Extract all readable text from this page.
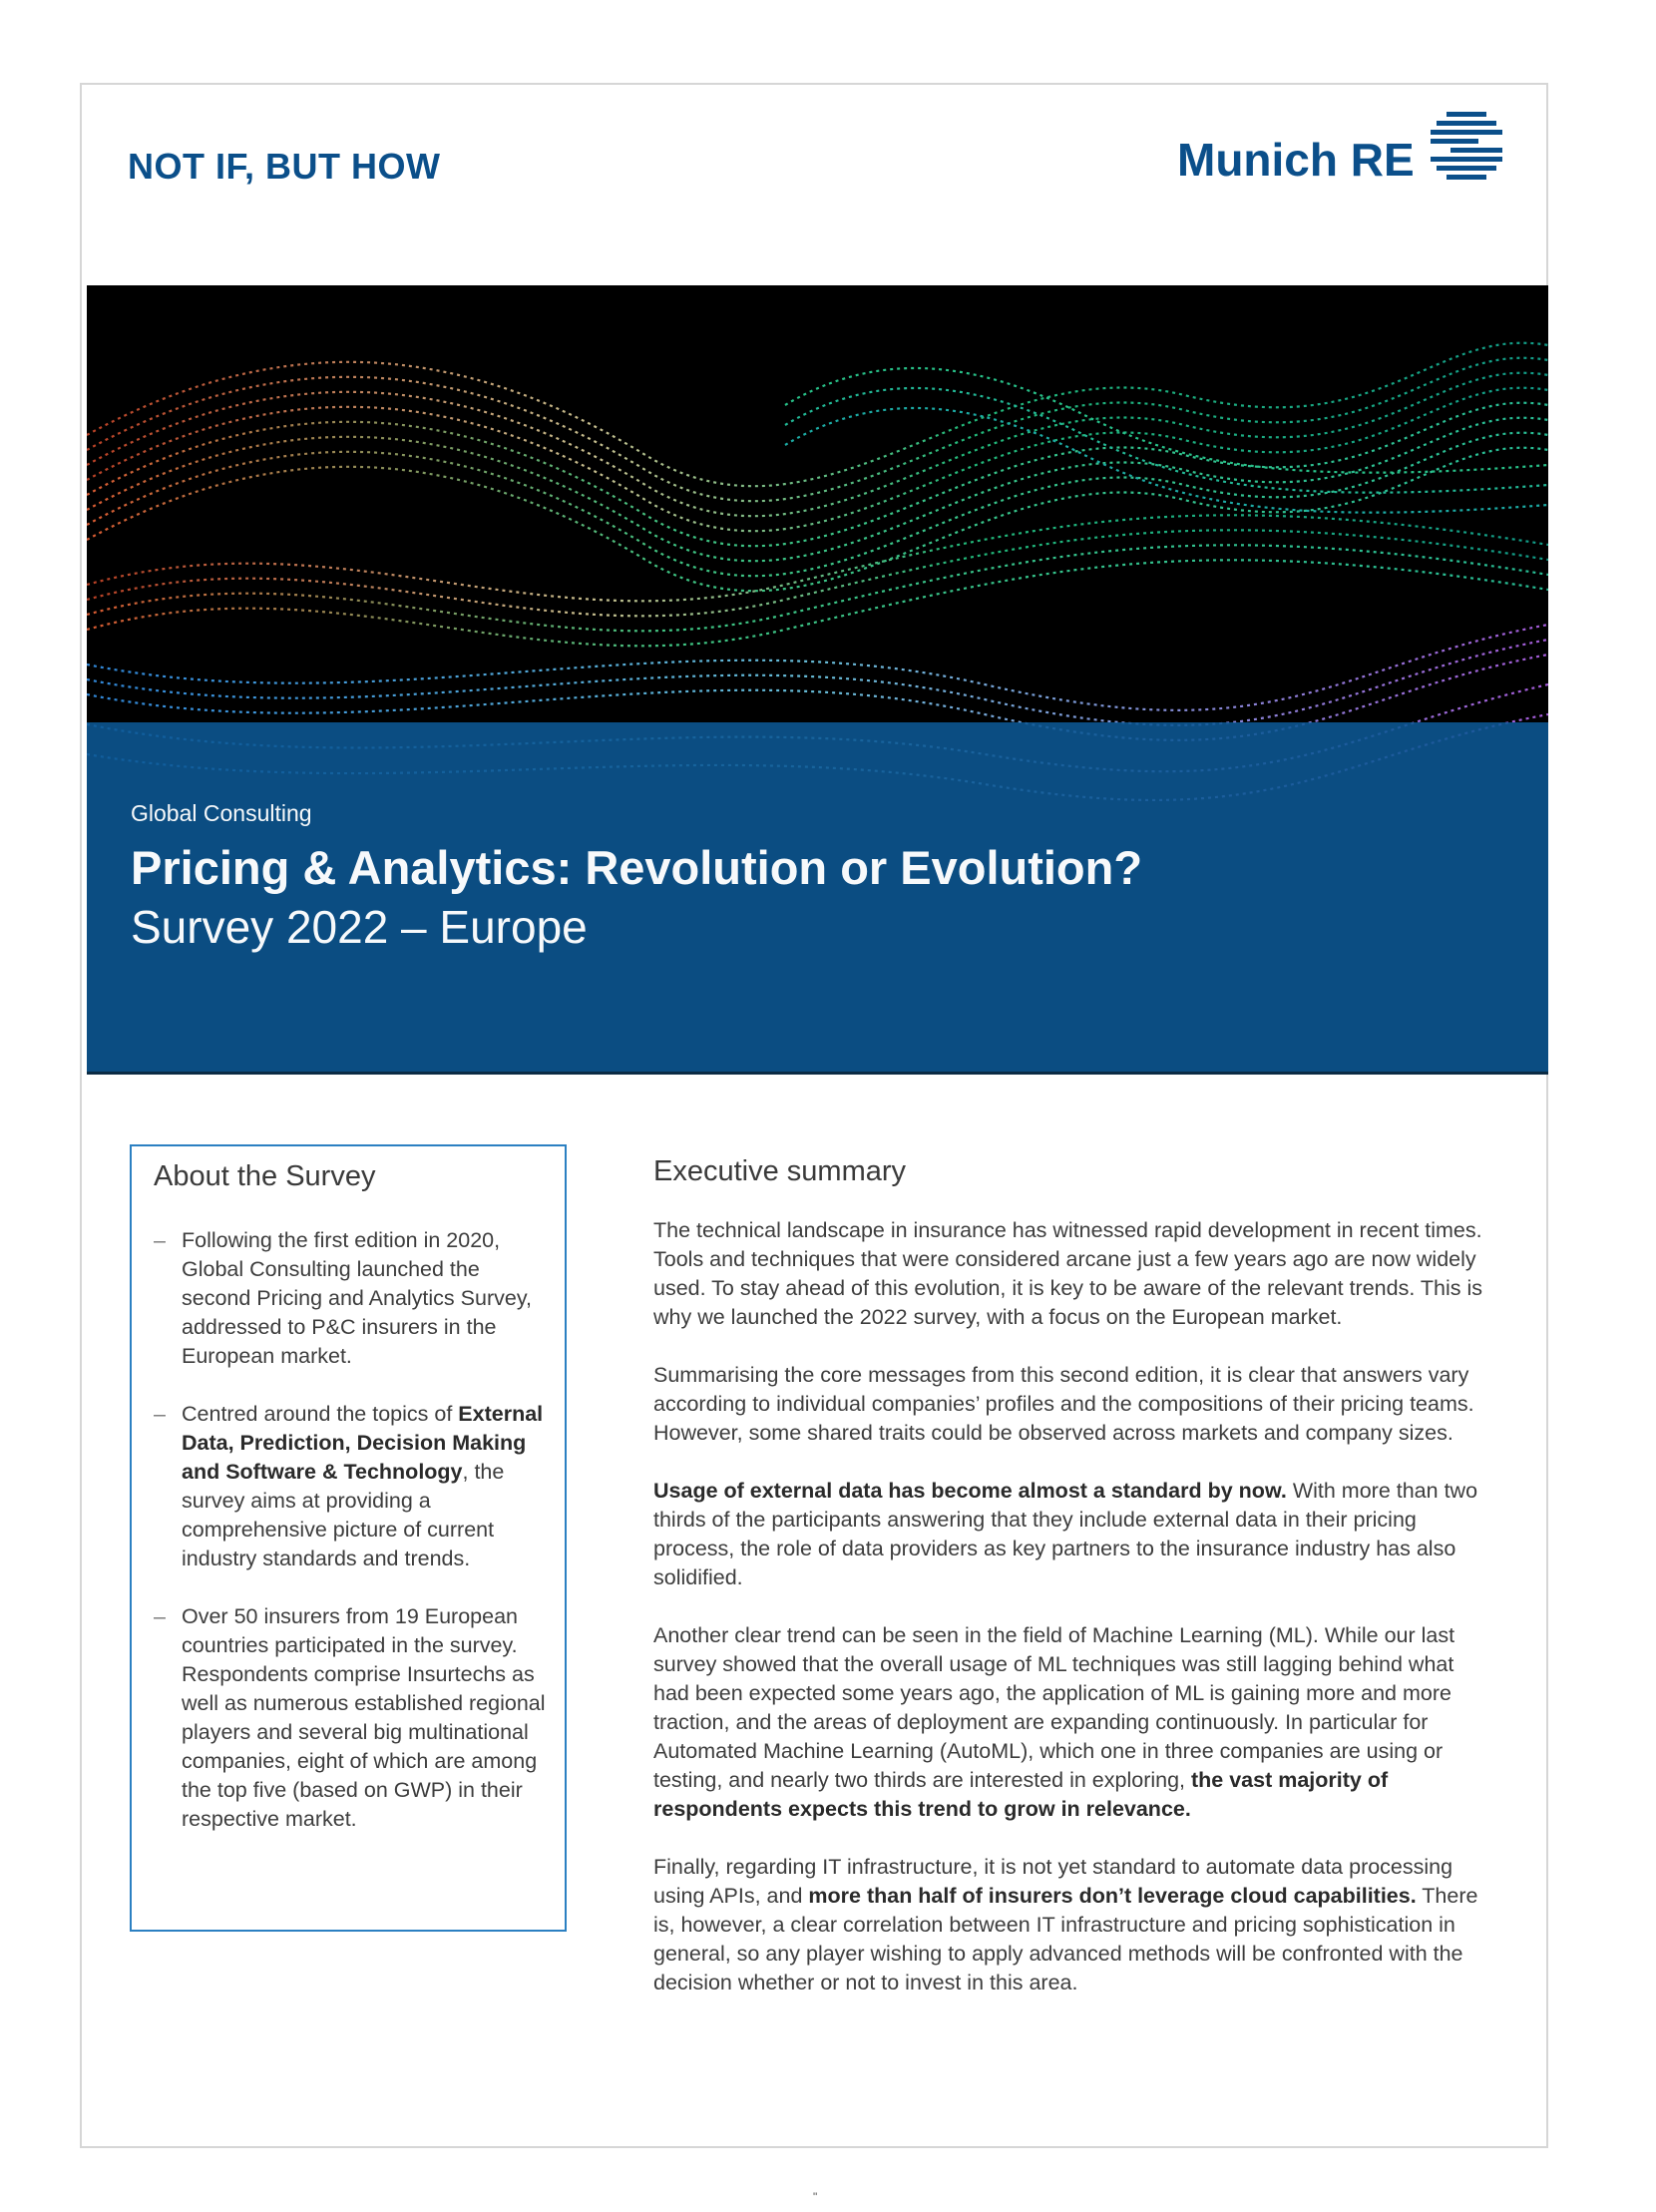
NOT IF, BUT HOW	Munich RE
Global Consulting
Pricing & Analytics: Revolution or Evolution?
Survey 2022 – Europe
About the Survey
– Following the first edition in 2020, Global Consulting launched the second Pricing and Analytics Survey, addressed to P&C insurers in the European market.
– Centred around the topics of External Data, Prediction, Decision Making and Software & Technology, the survey aims at providing a comprehensive picture of current industry standards and trends.
– Over 50 insurers from 19 European countries participated in the survey. Respondents comprise Insurtechs as well as numerous established regional players and several big multinational companies, eight of which are among the top five (based on GWP) in their respective market.
Executive summary

The technical landscape in insurance has witnessed rapid development in recent times. Tools and techniques that were considered arcane just a few years ago are now widely used. To stay ahead of this evolution, it is key to be aware of the relevant trends. This is why we launched the 2022 survey, with a focus on the European market.

Summarising the core messages from this second edition, it is clear that answers vary according to individual companies’ profiles and the compositions of their pricing teams. However, some shared traits could be observed across markets and company sizes.

Usage of external data has become almost a standard by now. With more than two thirds of the participants answering that they include external data in their pricing process, the role of data providers as key partners to the insurance industry has also solidified.

Another clear trend can be seen in the field of Machine Learning (ML). While our last survey showed that the overall usage of ML techniques was still lagging behind what had been expected some years ago, the application of ML is gaining more and more traction, and the areas of deployment are expanding continuously. In particular for Automated Machine Learning (AutoML), which one in three companies are using or testing, and nearly two thirds are interested in exploring, the vast majority of respondents expects this trend to grow in relevance.

Finally, regarding IT infrastructure, it is not yet standard to automate data processing using APIs, and more than half of insurers don’t leverage cloud capabilities. There is, however, a clear correlation between IT infrastructure and pricing sophistication in general, so any player wishing to apply advanced methods will be confronted with the decision whether or not to invest in this area.

"
